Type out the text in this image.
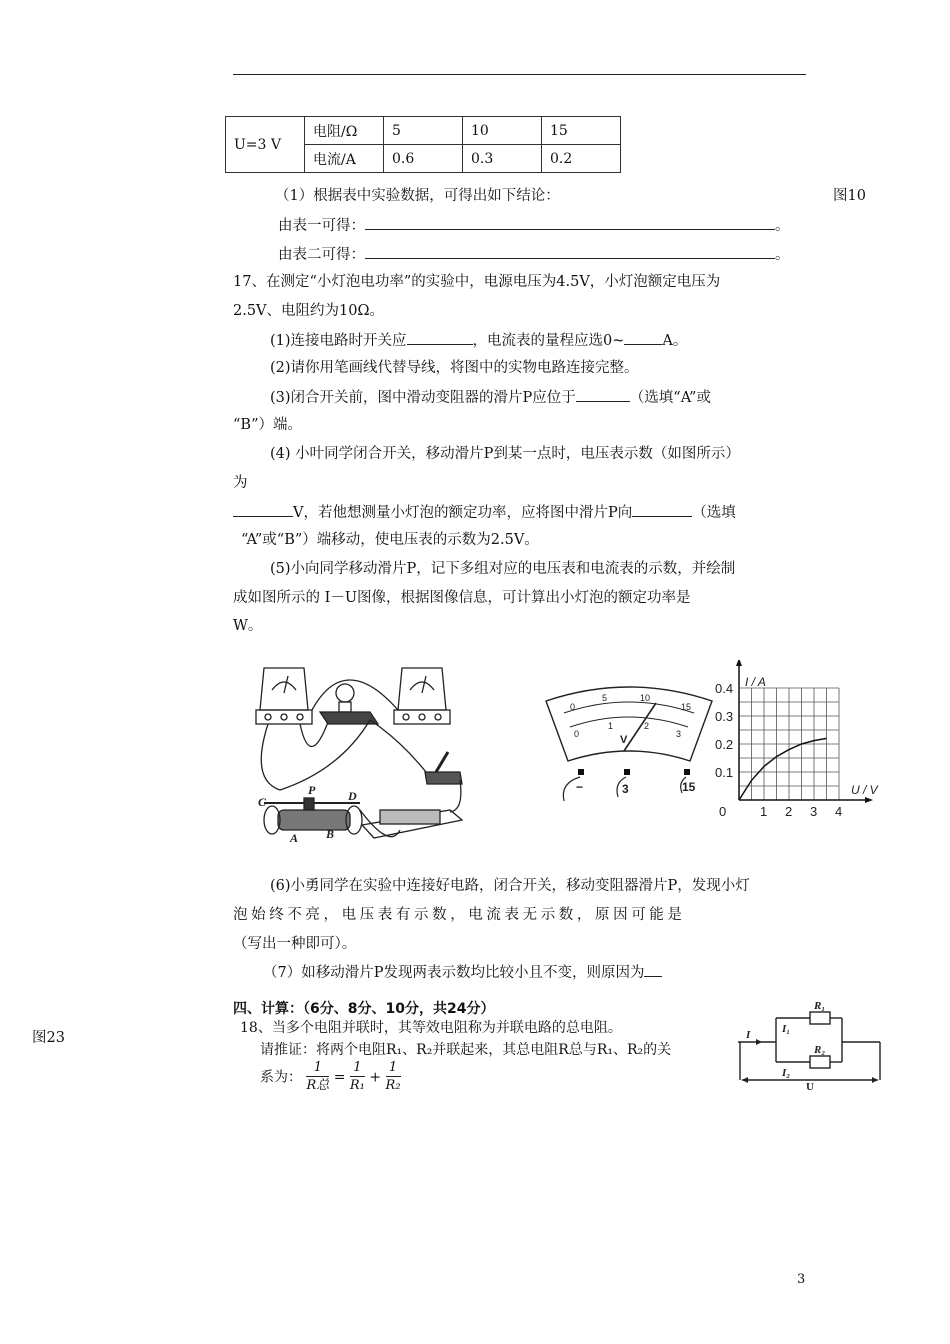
U=3 V	电阻/Ω	5	10	15
	电流/A	0.6	0.3	0.2
图10
（1）根据表中实验数据，可得出如下结论：
由表一可得：	。
由表二可得：	。
17、在测定“小灯泡电功率”的实验中，电源电压为4.5V，小灯泡额定电压为
2.5V、电阻约为10Ω。
(1)连接电路时开关应	，电流表的量程应选0~	A。
(2)请你用笔画线代替导线，将图中的实物电路连接完整。
(3)闭合开关前，图中滑动变阻器的滑片P应位于	（选填“A”或
“B”）端。
(4) 小叶同学闭合开关，移动滑片P到某一点时，电压表示数（如图所示）
为
V，若他想测量小灯泡的额定功率，应将图中滑片P向	（选填
“A”或“B”）端移动，使电压表的示数为2.5V。
(5)小向同学移动滑片P，记下多组对应的电压表和电流表的示数，并绘制
成如图所示的 I－U图像，根据图像信息，可计算出小灯泡的额定功率是
W。
C
P	D
A B
0
5	10
15
0
1	2
3
V
−	3	15
0	1 2 3 4
0.1
0.2
0.3
0.4 I / A
U / V
(6)小勇同学在实验中连接好电路，闭合开关，移动变阻器滑片P，发现小灯
泡始终不亮，电压表有示数，电流表无示数，原因可能是
（写出一种即可）。
（7）如移动滑片P发现两表示数均比较小且不变，则原因为
四、计算：（6分、8分、10分，共24分）
图23
18、当多个电阻并联时，其等效电阻称为并联电路的总电阻。
请推证：将两个电阻R₁、R₂并联起来，其总电阻R总与R₁、R₂的关
系为： $\frac{1}{\text{R总}} = \frac{1}{\text{R₁}} + \frac{1}{\text{R₂}}$
R₁
R₂
I₁
I₂
I
U
3
